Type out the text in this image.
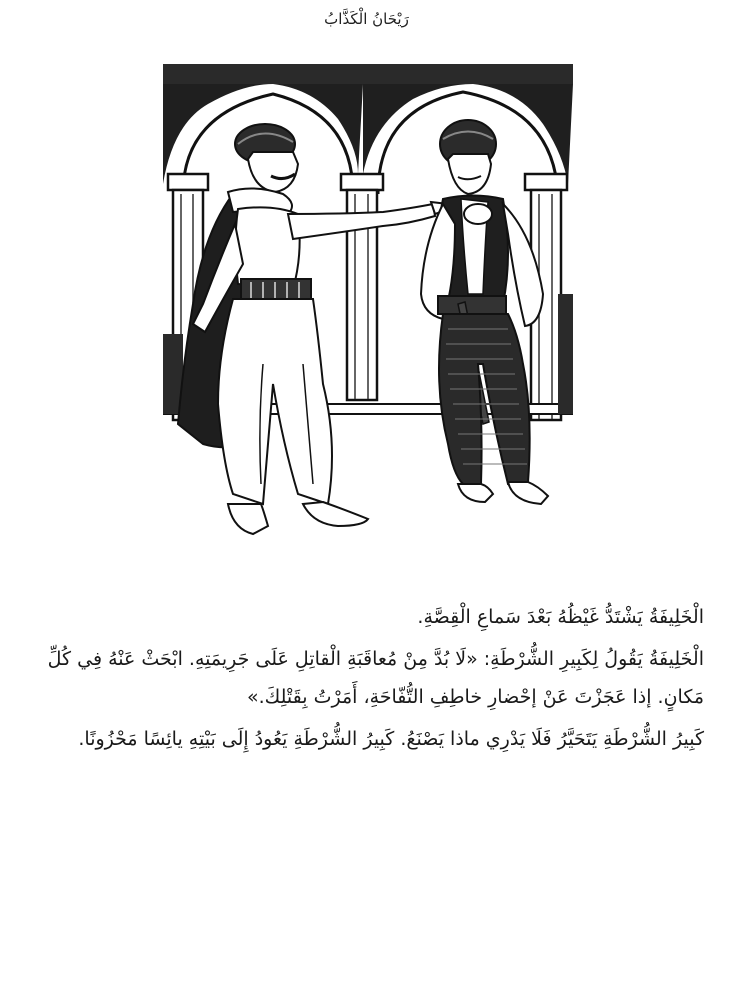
رَيْحَانُ الْكَذَّابُ

الْخَلِيفَةُ يَشْتَدُّ غَيْظُهُ بَعْدَ سَماعِ الْقِصَّةِ.

الْخَلِيفَةُ يَقُولُ لِكَبِيرِ الشُّرْطَةِ: «لَا بُدَّ مِنْ مُعاقَبَةِ الْقاتِلِ عَلَى جَرِيمَتِهِ. ابْحَثْ عَنْهُ فِي كُلِّ مَكانٍ. إذا عَجَزْتَ عَنْ إحْضارِ خاطِفِ التُّفّاحَةِ، أَمَرْتُ بِقَتْلِكَ.»

كَبِيرُ الشُّرْطَةِ يَتَحَيَّرُ فَلَا يَدْرِي ماذا يَصْنَعُ. كَبِيرُ الشُّرْطَةِ يَعُودُ إِلَى بَيْتِهِ يائِسًا مَحْزُونًا.
